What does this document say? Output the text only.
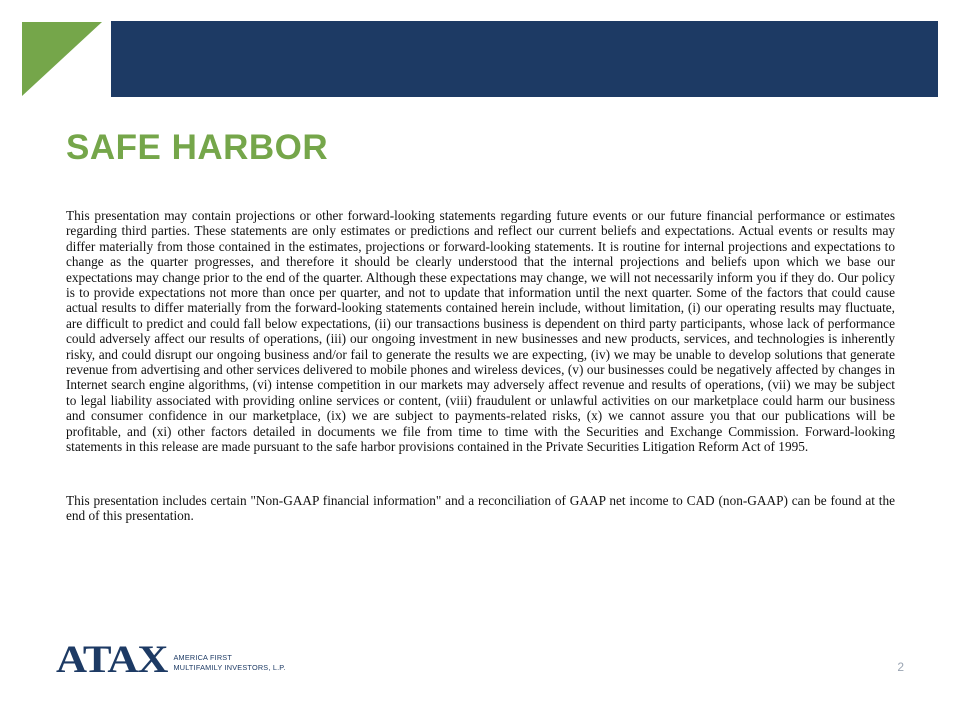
SAFE HARBOR

This presentation may contain projections or other forward-looking statements regarding future events or our future financial performance or estimates regarding third parties. These statements are only estimates or predictions and reflect our current beliefs and expectations. Actual events or results may differ materially from those contained in the estimates, projections or forward-looking statements. It is routine for internal projections and expectations to change as the quarter progresses, and therefore it should be clearly understood that the internal projections and beliefs upon which we base our expectations may change prior to the end of the quarter. Although these expectations may change, we will not necessarily inform you if they do. Our policy is to provide expectations not more than once per quarter, and not to update that information until the next quarter. Some of the factors that could cause actual results to differ materially from the forward-looking statements contained herein include, without limitation, (i) our operating results may fluctuate, are difficult to predict and could fall below expectations, (ii) our transactions business is dependent on third party participants, whose lack of performance could adversely affect our results of operations, (iii) our ongoing investment in new businesses and new products, services, and technologies is inherently risky, and could disrupt our ongoing business and/or fail to generate the results we are expecting, (iv) we may be unable to develop solutions that generate revenue from advertising and other services delivered to mobile phones and wireless devices, (v) our businesses could be negatively affected by changes in Internet search engine algorithms, (vi) intense competition in our markets may adversely affect revenue and results of operations, (vii) we may be subject to legal liability associated with providing online services or content, (viii) fraudulent or unlawful activities on our marketplace could harm our business and consumer confidence in our marketplace, (ix) we are subject to payments-related risks, (x) we cannot assure you that our publications will be profitable, and (xi) other factors detailed in documents we file from time to time with the Securities and Exchange Commission. Forward-looking statements in this release are made pursuant to the safe harbor provisions contained in the Private Securities Litigation Reform Act of 1995.

This presentation includes certain "Non-GAAP financial information" and a reconciliation of GAAP net income to CAD (non-GAAP) can be found at the end of this presentation.

ATAX AMERICA FIRST
MULTIFAMILY INVESTORS, L.P.	2
